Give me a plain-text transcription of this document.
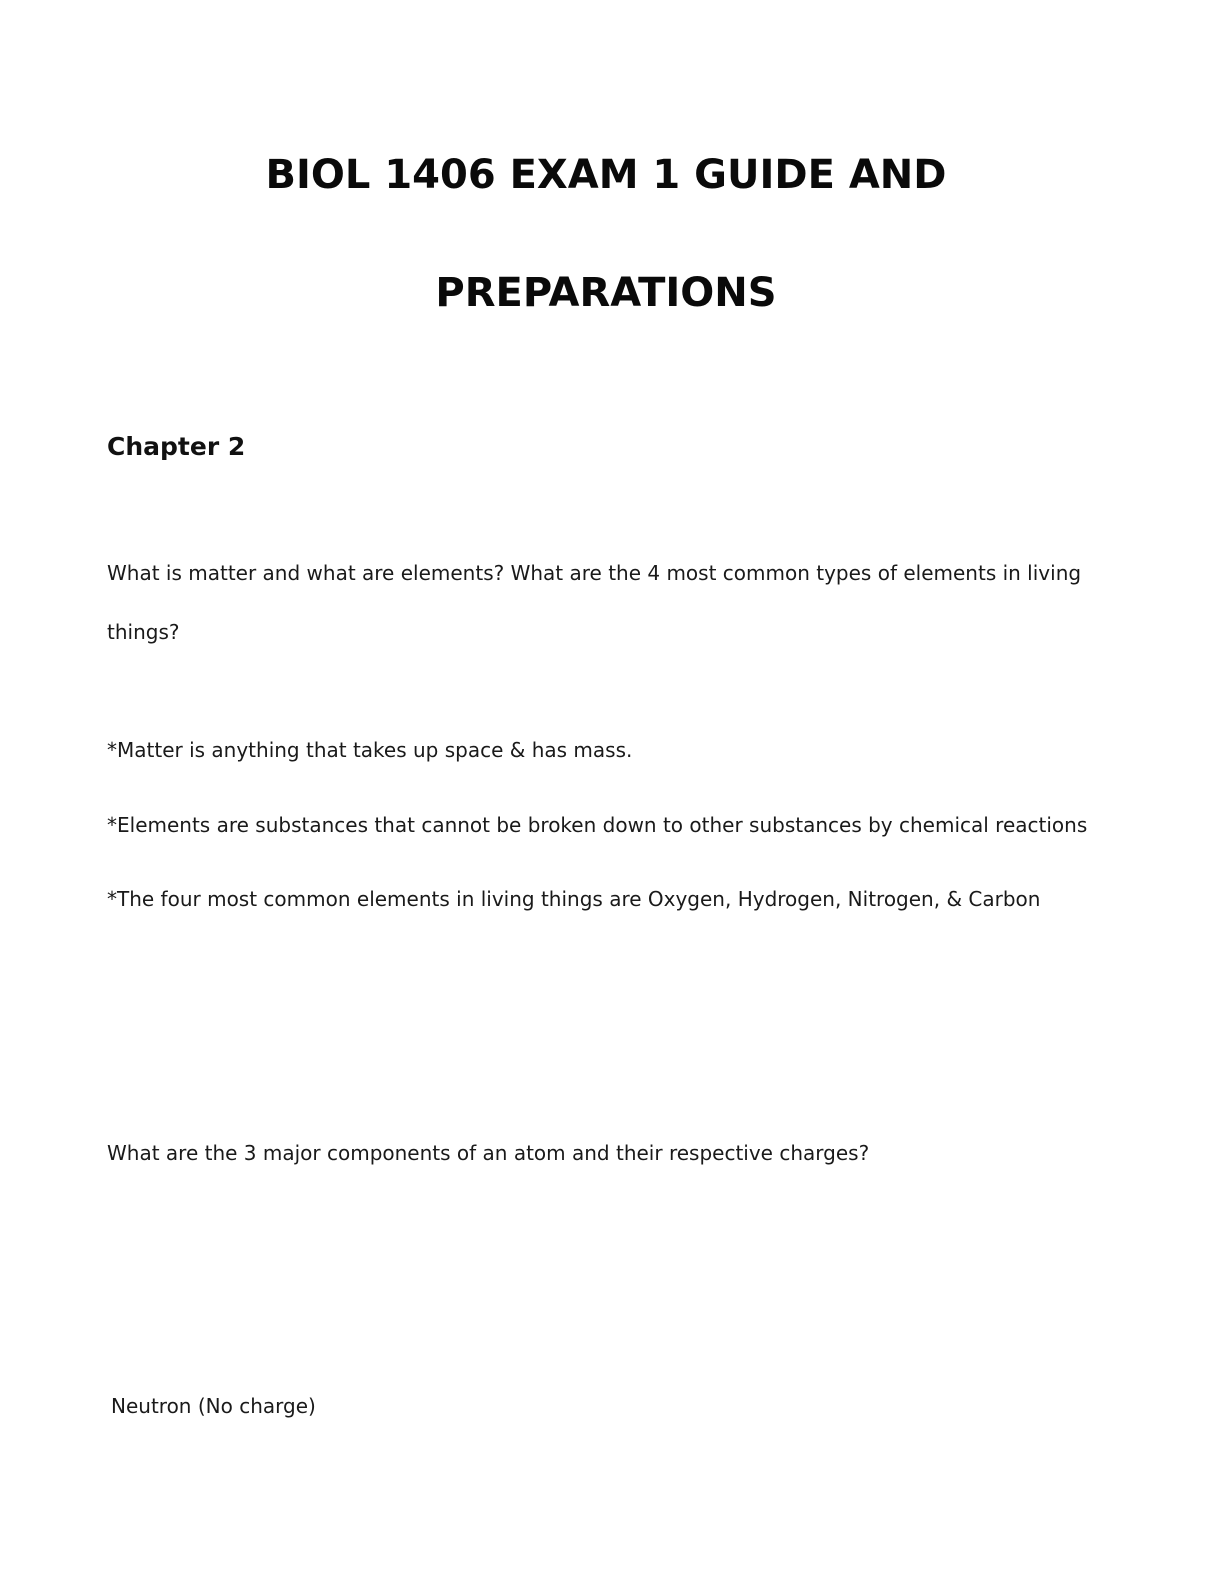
BIOL 1406 EXAM 1 GUIDE AND
PREPARATIONS
Chapter 2
What is matter and what are elements? What are the 4 most common types of elements in living
things?
*Matter is anything that takes up space & has mass.
*Elements are substances that cannot be broken down to other substances by chemical reactions
*The four most common elements in living things are Oxygen, Hydrogen, Nitrogen, & Carbon
What are the 3 major components of an atom and their respective charges?
Neutron (No charge)
